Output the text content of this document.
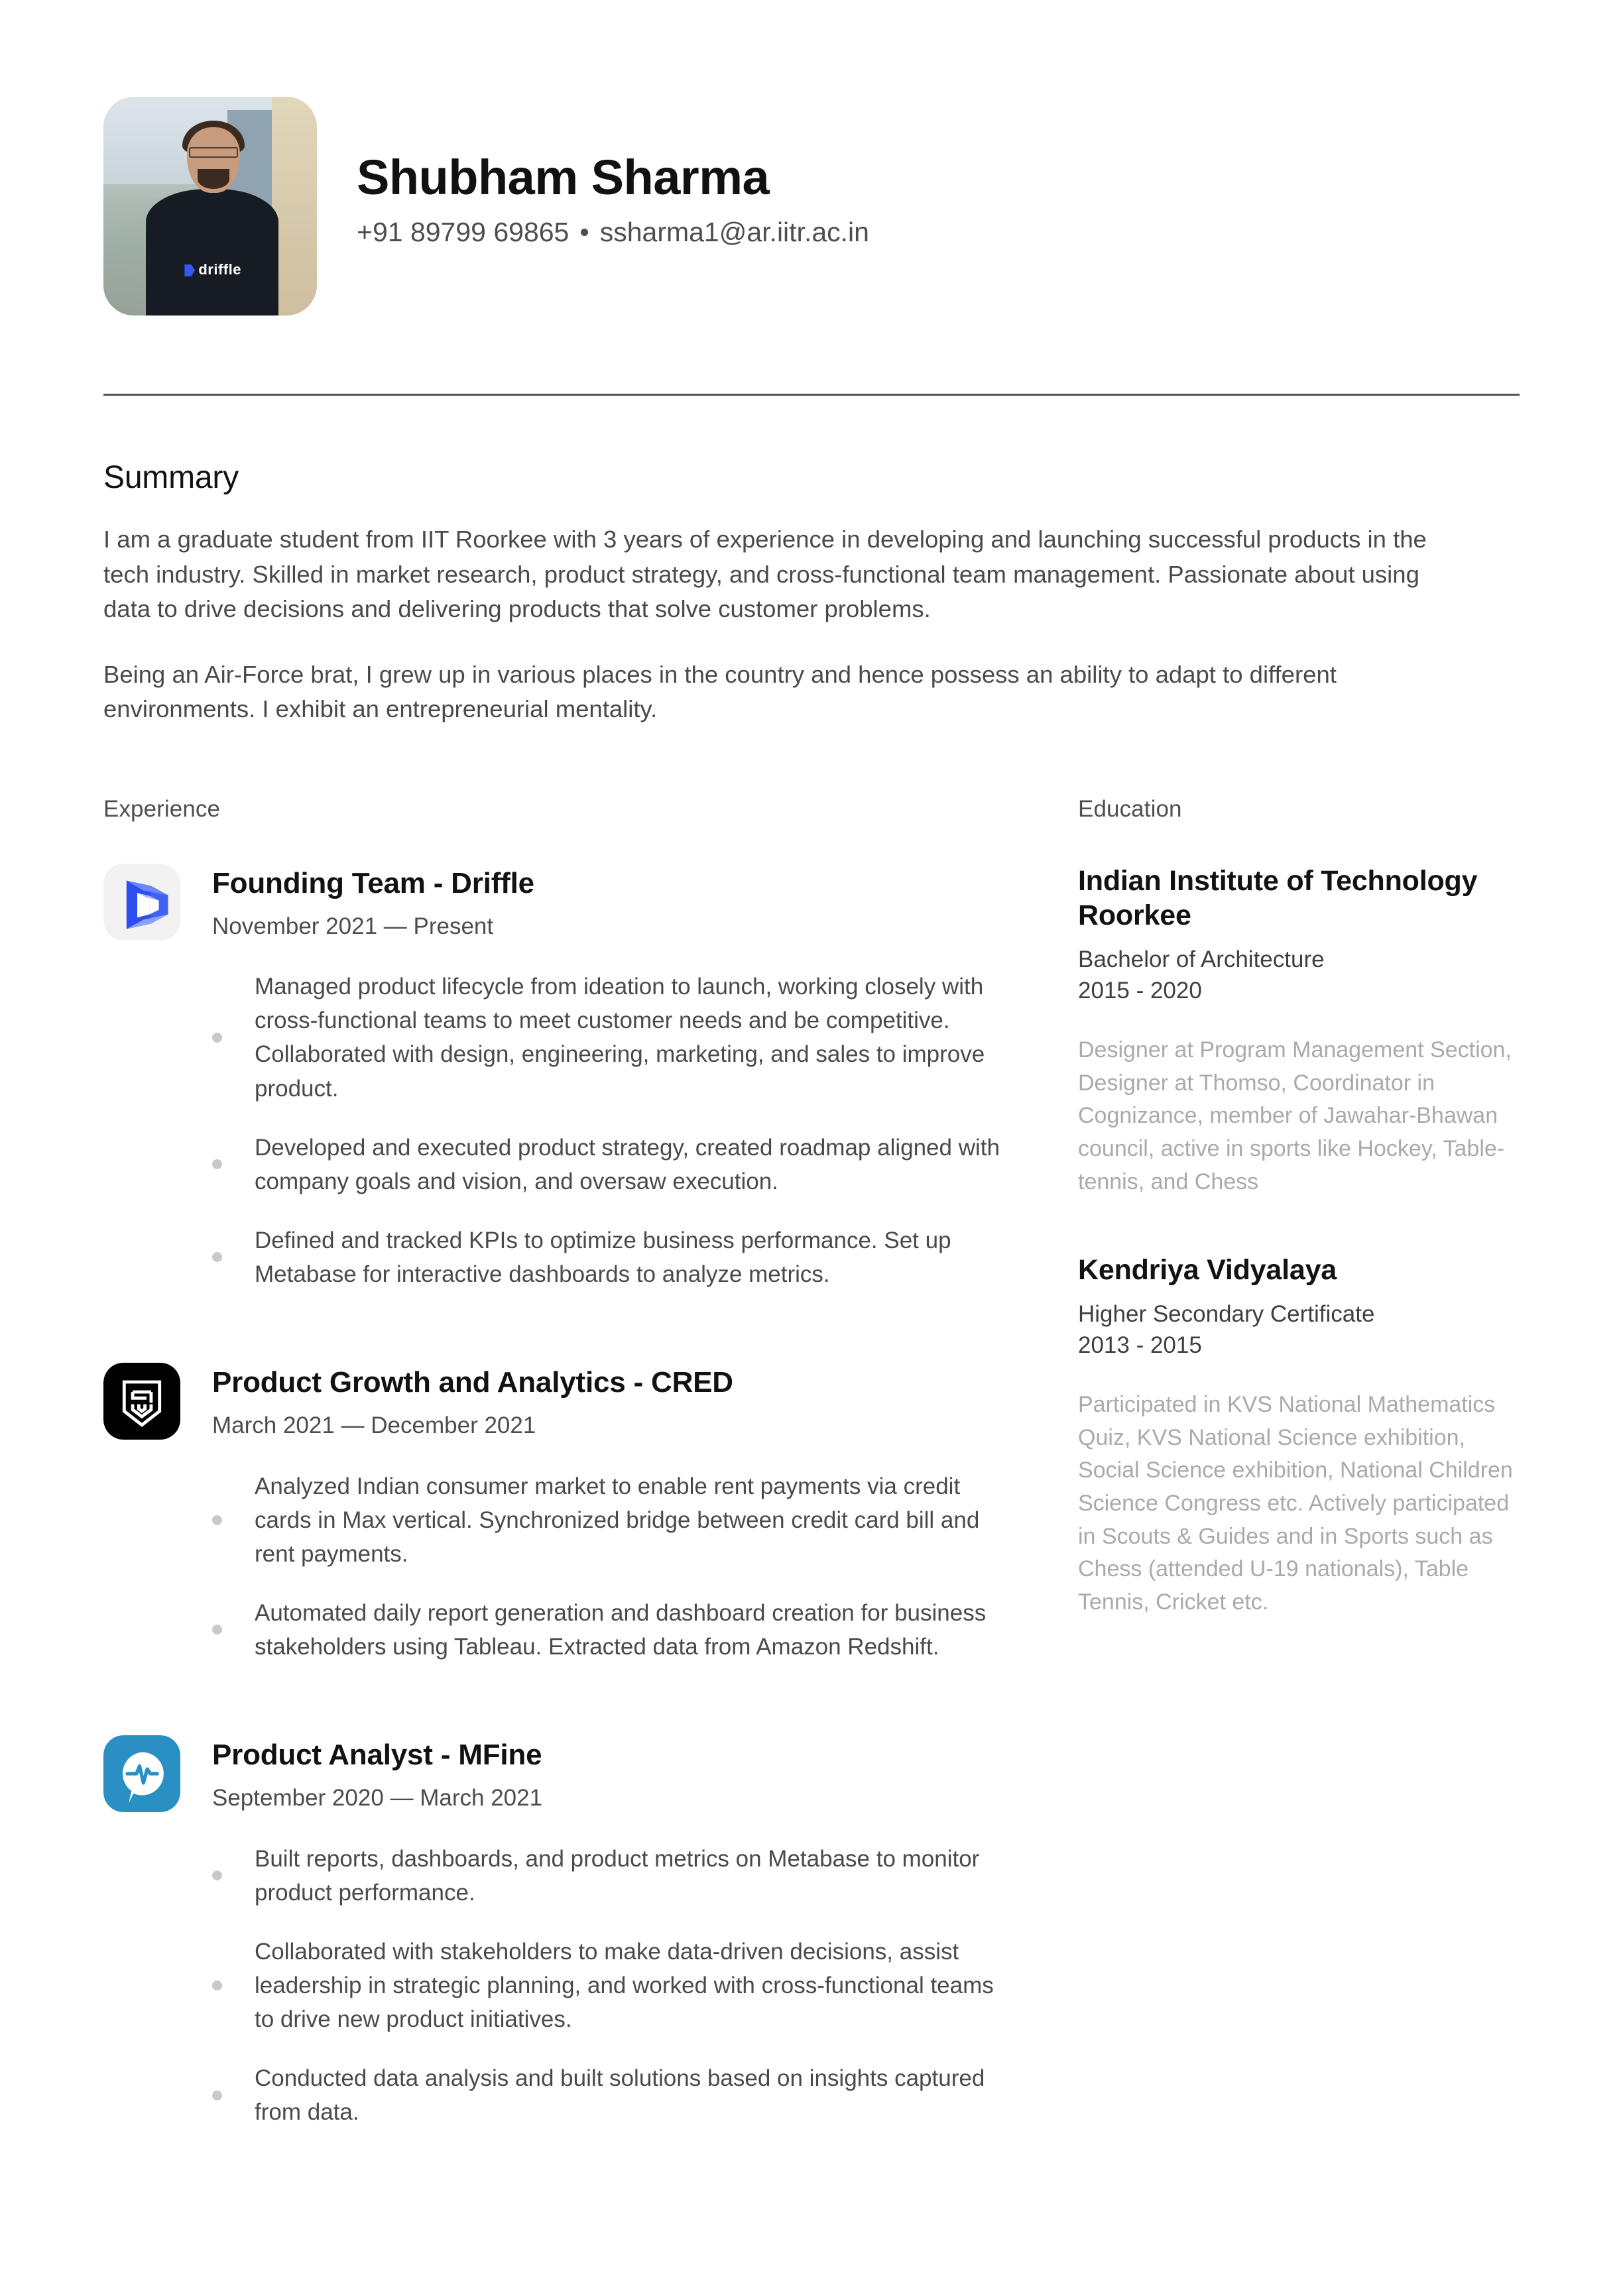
driffle
Shubham Sharma
+91 89799 69865 • ssharma1@ar.iitr.ac.in
Summary

I am a graduate student from IIT Roorkee with 3 years of experience in developing and launching successful products in the tech industry. Skilled in market research, product strategy, and cross-functional team management. Passionate about using data to drive decisions and delivering products that solve customer problems.

Being an Air-Force brat, I grew up in various places in the country and hence possess an ability to adapt to different environments. I exhibit an entrepreneurial mentality.

Experience
Founding Team - Driffle
November 2021 — Present
Managed product lifecycle from ideation to launch, working closely with cross-functional teams to meet customer needs and be competitive. Collaborated with design, engineering, marketing, and sales to improve product.
Developed and executed product strategy, created roadmap aligned with company goals and vision, and oversaw execution.
Defined and tracked KPIs to optimize business performance. Set up Metabase for interactive dashboards to analyze metrics.
Product Growth and Analytics - CRED
March 2021 — December 2021
Analyzed Indian consumer market to enable rent payments via credit cards in Max vertical. Synchronized bridge between credit card bill and rent payments.
Automated daily report generation and dashboard creation for business stakeholders using Tableau. Extracted data from Amazon Redshift.
Product Analyst - MFine
September 2020 — March 2021
Built reports, dashboards, and product metrics on Metabase to monitor product performance.
Collaborated with stakeholders to make data-driven decisions, assist leadership in strategic planning, and worked with cross-functional teams to drive new product initiatives.
Conducted data analysis and built solutions based on insights captured from data.
Education
Indian Institute of Technology Roorkee
Bachelor of Architecture
2015 - 2020
Designer at Program Management Section, Designer at Thomso, Coordinator in Cognizance, member of Jawahar-Bhawan council, active in sports like Hockey, Table-tennis, and Chess
Kendriya Vidyalaya
Higher Secondary Certificate
2013 - 2015
Participated in KVS National Mathematics Quiz, KVS National Science exhibition, Social Science exhibition, National Children Science Congress etc. Actively participated in Scouts & Guides and in Sports such as Chess (attended U-19 nationals), Table Tennis, Cricket etc.
